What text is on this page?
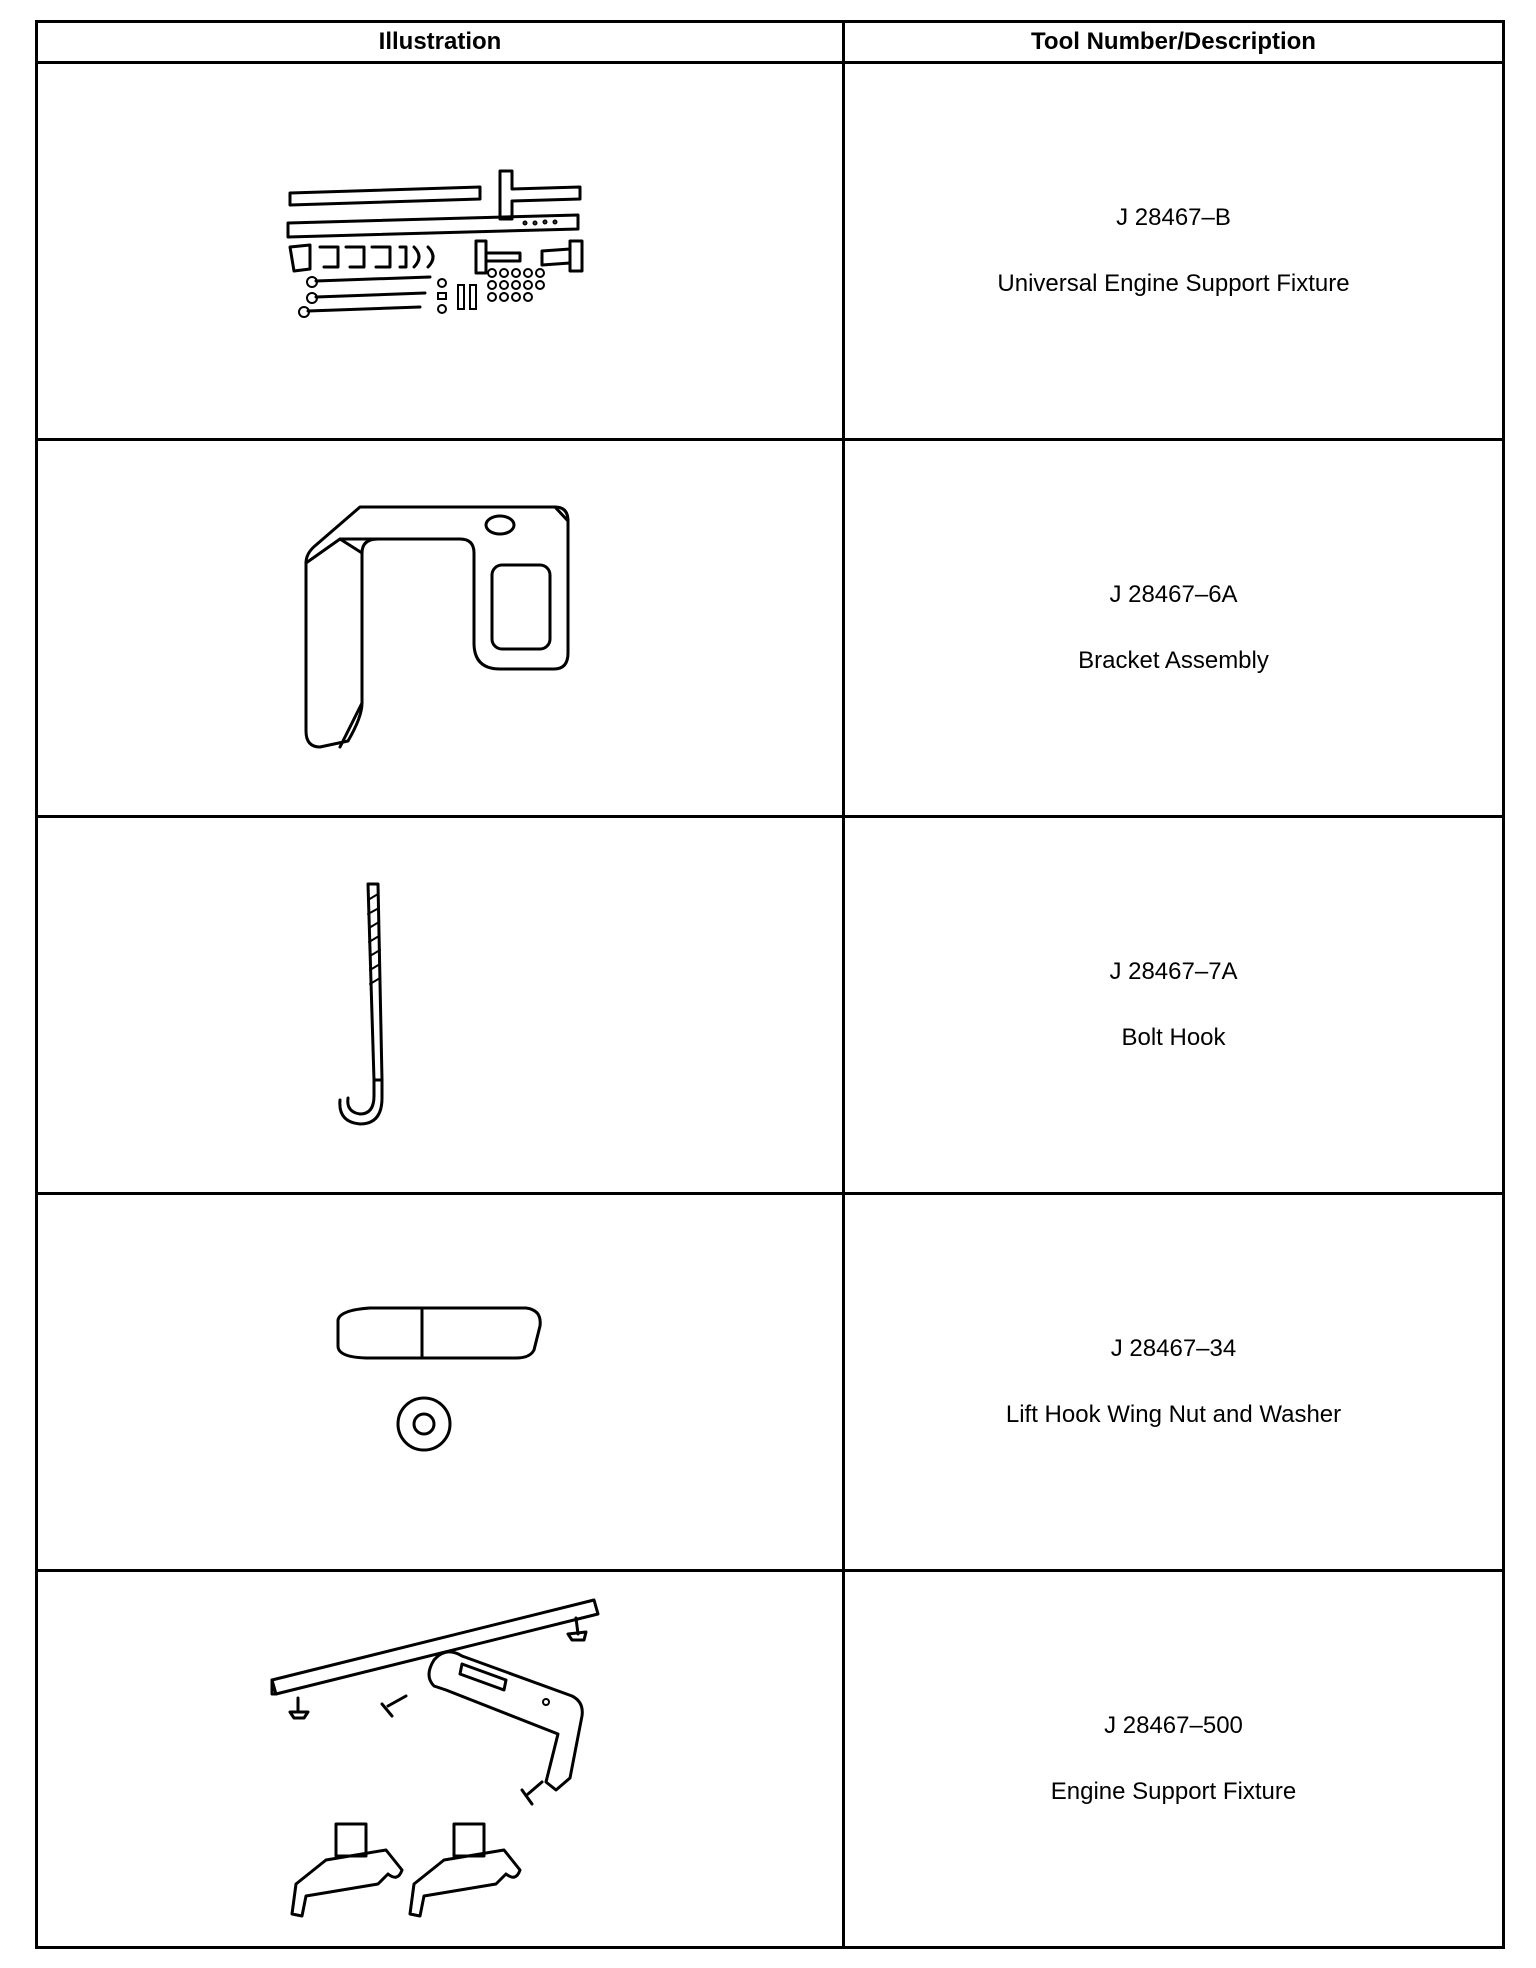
Illustration	Tool Number/Description

J 28467–B
Universal Engine Support Fixture

J 28467–6A
Bracket Assembly

J 28467–7A
Bolt Hook

J 28467–34
Lift Hook Wing Nut and Washer

J 28467–500
Engine Support Fixture
